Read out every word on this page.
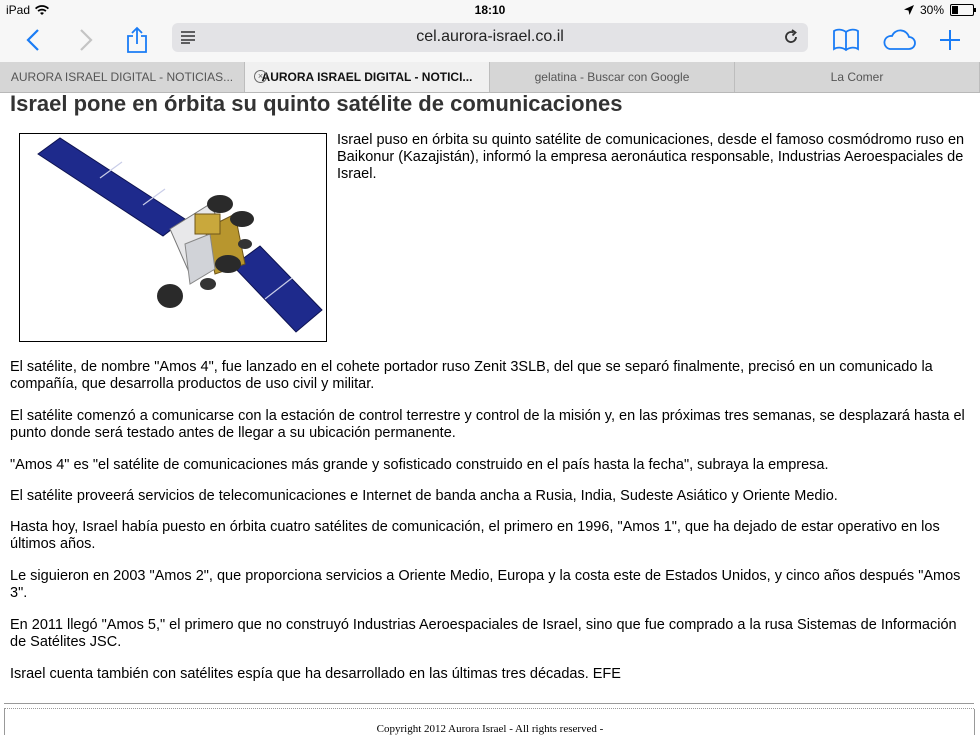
iPad	18:10	30%
cel.aurora-israel.co.il
AURORA ISRAEL DIGITAL - NOTICIAS...	×
AURORA ISRAEL DIGITAL - NOTICI...	gelatina - Buscar con Google	La Comer
Israel pone en órbita su quinto satélite de comunicaciones
Israel puso en órbita su quinto satélite de comunicaciones, desde el famoso cosmódromo ruso en Baikonur (Kazajistán), informó la empresa aeronáutica responsable, Industrias Aeroespaciales de Israel.

El satélite, de nombre "Amos 4", fue lanzado en el cohete portador ruso Zenit 3SLB, del que se separó finalmente, precisó en un comunicado la compañía, que desarrolla productos de uso civil y militar.

El satélite comenzó a comunicarse con la estación de control terrestre y control de la misión y, en las próximas tres semanas, se desplazará hasta el punto donde será testado antes de llegar a su ubicación permanente.

"Amos 4" es "el satélite de comunicaciones más grande y sofisticado construido en el país hasta la fecha", subraya la empresa.

El satélite proveerá servicios de telecomunicaciones e Internet de banda ancha a Rusia, India, Sudeste Asiático y Oriente Medio.

Hasta hoy, Israel había puesto en órbita cuatro satélites de comunicación, el primero en 1996, "Amos 1", que ha dejado de estar operativo en los últimos años.

Le siguieron en 2003 "Amos 2", que proporciona servicios a Oriente Medio, Europa y la costa este de Estados Unidos, y cinco años después "Amos 3".

En 2011 llegó "Amos 5," el primero que no construyó Industrias Aeroespaciales de Israel, sino que fue comprado a la rusa Sistemas de Información de Satélites JSC.

Israel cuenta también con satélites espía que ha desarrollado en las últimas tres décadas. EFE

Copyright 2012 Aurora Israel - All rights reserved -
